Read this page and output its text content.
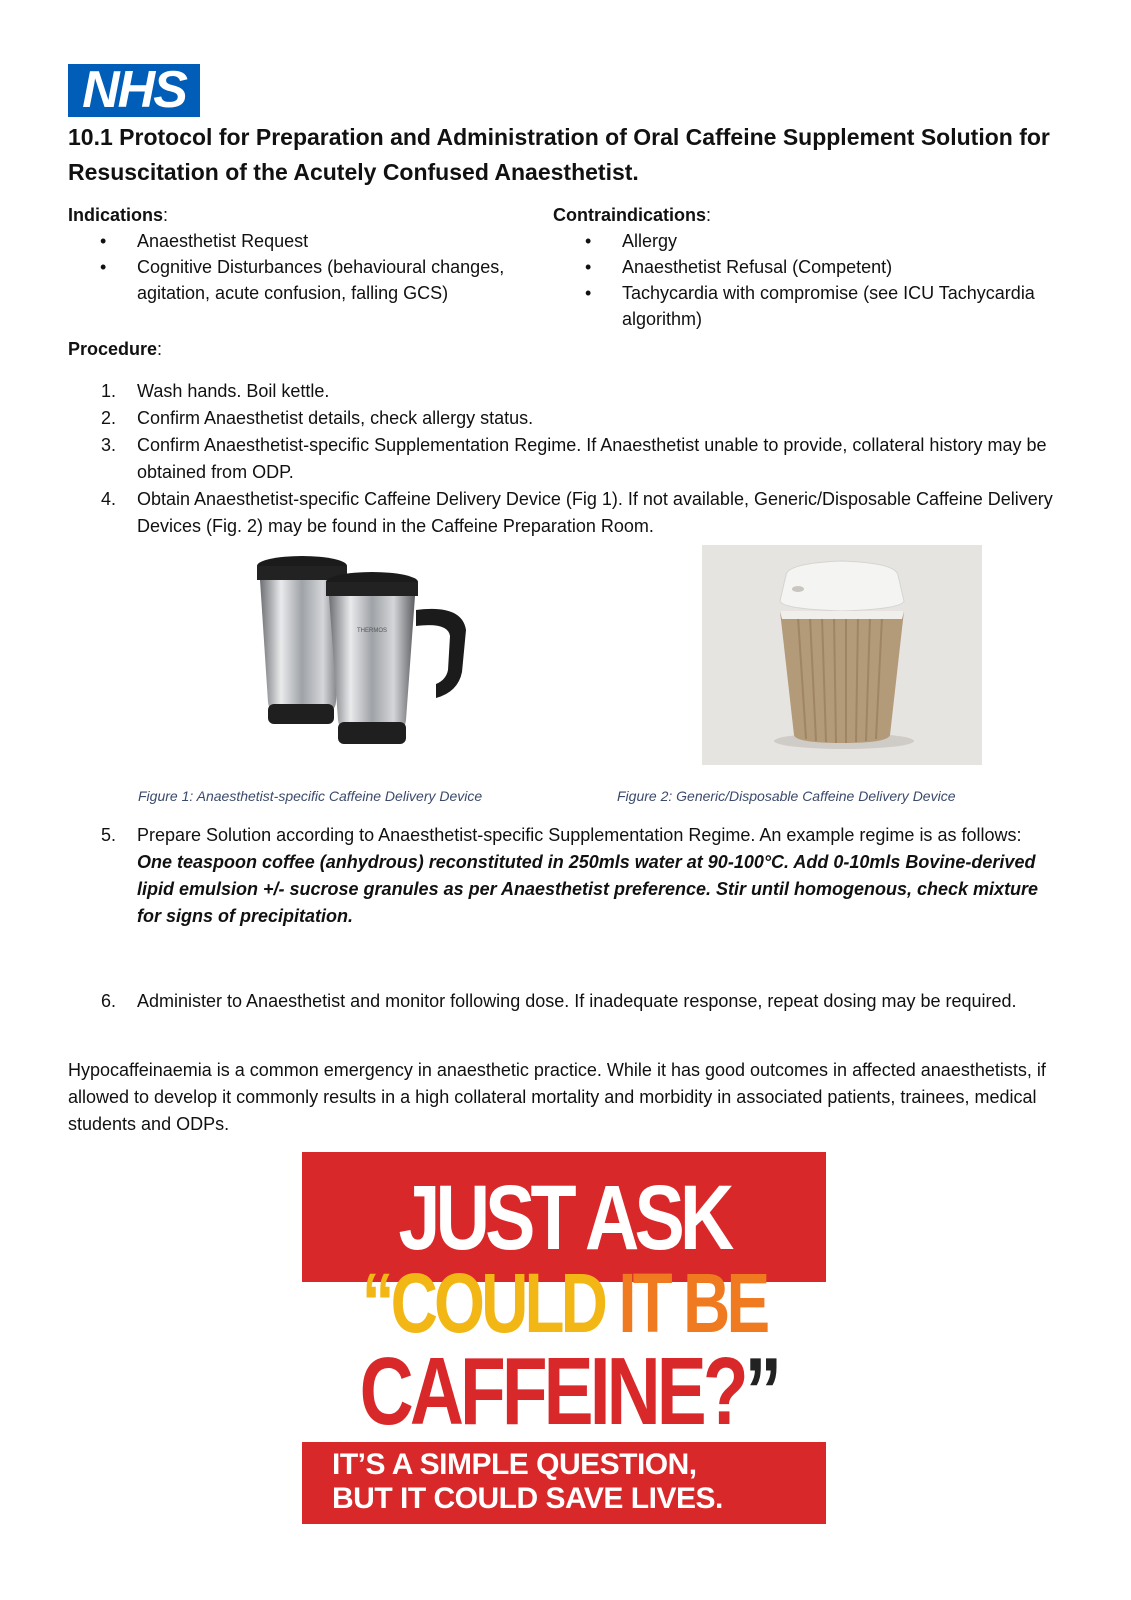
NHS
10.1 Protocol for Preparation and Administration of Oral Caffeine Supplement Solution for Resuscitation of the Acutely Confused Anaesthetist.
Indications:
• Anaesthetist Request
• Cognitive Disturbances (behavioural changes, agitation, acute confusion, falling GCS)
Contraindications:
• Allergy
• Anaesthetist Refusal (Competent)
• Tachycardia with compromise (see ICU Tachycardia algorithm)
Procedure:
1. Wash hands. Boil kettle.
2. Confirm Anaesthetist details, check allergy status.
3. Confirm Anaesthetist-specific Supplementation Regime. If Anaesthetist unable to provide, collateral history may be obtained from ODP.
4. Obtain Anaesthetist-specific Caffeine Delivery Device (Fig 1). If not available, Generic/Disposable Caffeine Delivery Devices (Fig. 2) may be found in the Caffeine Preparation Room.
THERMOS
Figure 1: Anaesthetist-specific Caffeine Delivery Device	Figure 2: Generic/Disposable Caffeine Delivery Device
5. Prepare Solution according to Anaesthetist-specific Supplementation Regime. An example regime is as follows:
One teaspoon coffee (anhydrous) reconstituted in 250mls water at 90-100°C. Add 0-10mls Bovine-derived lipid emulsion +/- sucrose granules as per Anaesthetist preference. Stir until homogenous, check mixture for signs of precipitation.
6. Administer to Anaesthetist and monitor following dose. If inadequate response, repeat dosing may be required.

Hypocaffeinaemia is a common emergency in anaesthetic practice. While it has good outcomes in affected anaesthetists, if allowed to develop it commonly results in a high collateral mortality and morbidity in associated patients, trainees, medical students and ODPs.

JUST ASK
“COULD IT BE
CAFFEINE?”
IT’S A SIMPLE QUESTION,
BUT IT COULD SAVE LIVES.
